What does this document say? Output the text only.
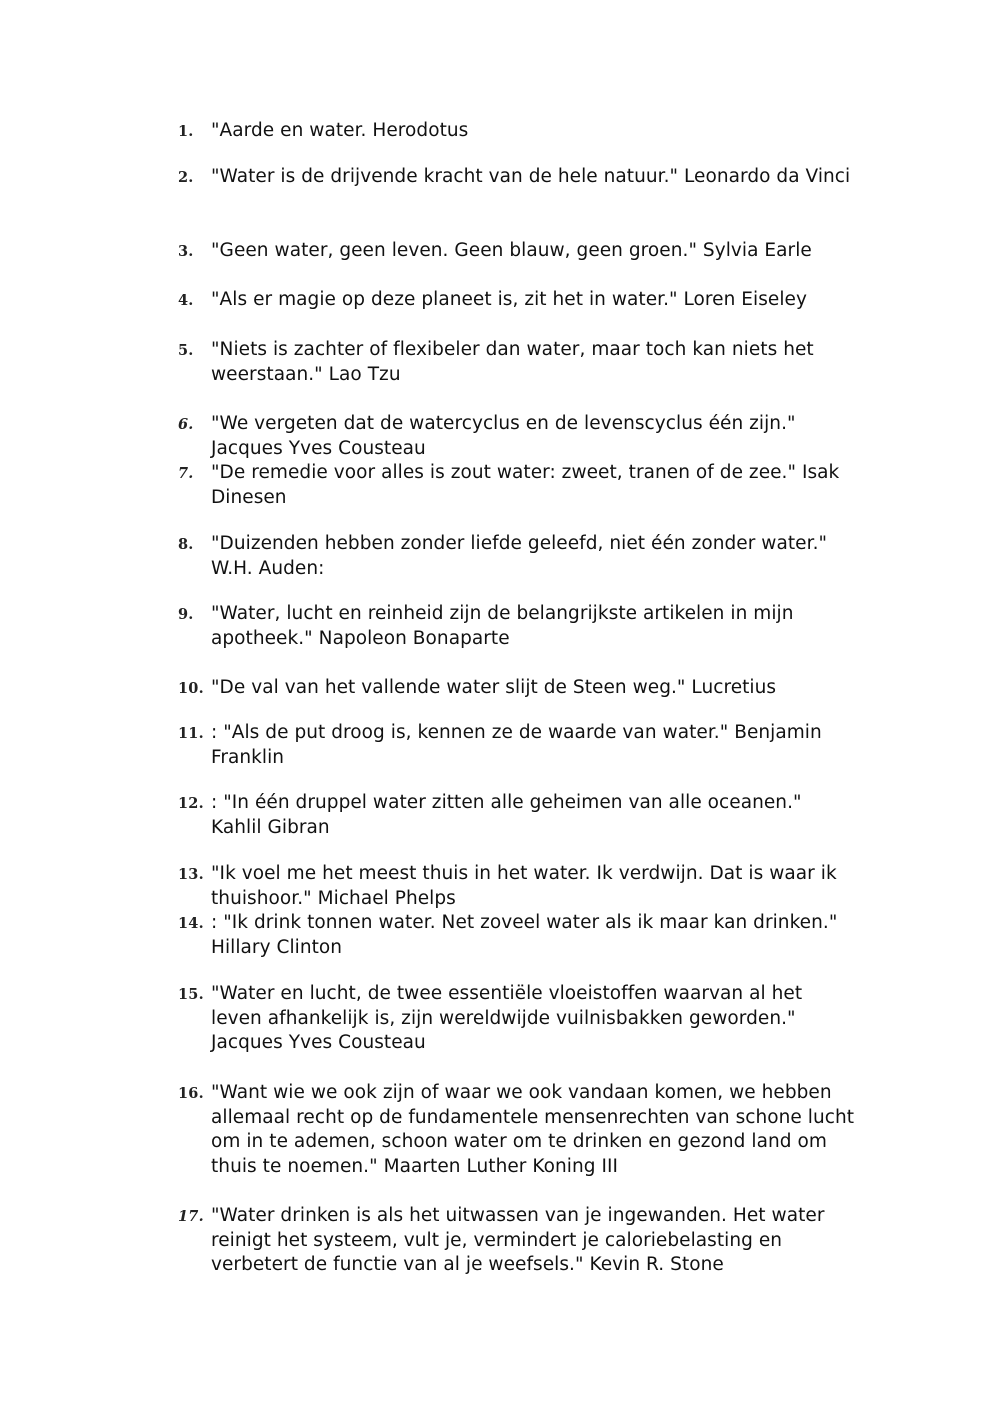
1. "Aarde en water. Herodotus
2. "Water is de drijvende kracht van de hele natuur." Leonardo da Vinci
3. "Geen water, geen leven. Geen blauw, geen groen." Sylvia Earle
4. "Als er magie op deze planeet is, zit het in water." Loren Eiseley
5. "Niets is zachter of flexibeler dan water, maar toch kan niets het weerstaan." Lao Tzu
6. "We vergeten dat de watercyclus en de levenscyclus één zijn." Jacques Yves Cousteau
7. "De remedie voor alles is zout water: zweet, tranen of de zee." Isak Dinesen
8. "Duizenden hebben zonder liefde geleefd, niet één zonder water." W.H. Auden:
9. "Water, lucht en reinheid zijn de belangrijkste artikelen in mijn apotheek." Napoleon Bonaparte
10. "De val van het vallende water slijt de Steen weg." Lucretius
11. : "Als de put droog is, kennen ze de waarde van water." Benjamin Franklin
12. : "In één druppel water zitten alle geheimen van alle oceanen." Kahlil Gibran
13. "Ik voel me het meest thuis in het water. Ik verdwijn. Dat is waar ik thuishoor." Michael Phelps
14. : "Ik drink tonnen water. Net zoveel water als ik maar kan drinken." Hillary Clinton
15. "Water en lucht, de twee essentiële vloeistoffen waarvan al het leven afhankelijk is, zijn wereldwijde vuilnisbakken geworden." Jacques Yves Cousteau
16. "Want wie we ook zijn of waar we ook vandaan komen, we hebben allemaal recht op de fundamentele mensenrechten van schone lucht om in te ademen, schoon water om te drinken en gezond land om thuis te noemen." Maarten Luther Koning III
17. "Water drinken is als het uitwassen van je ingewanden. Het water reinigt het systeem, vult je, vermindert je caloriebelasting en verbetert de functie van al je weefsels." Kevin R. Stone
